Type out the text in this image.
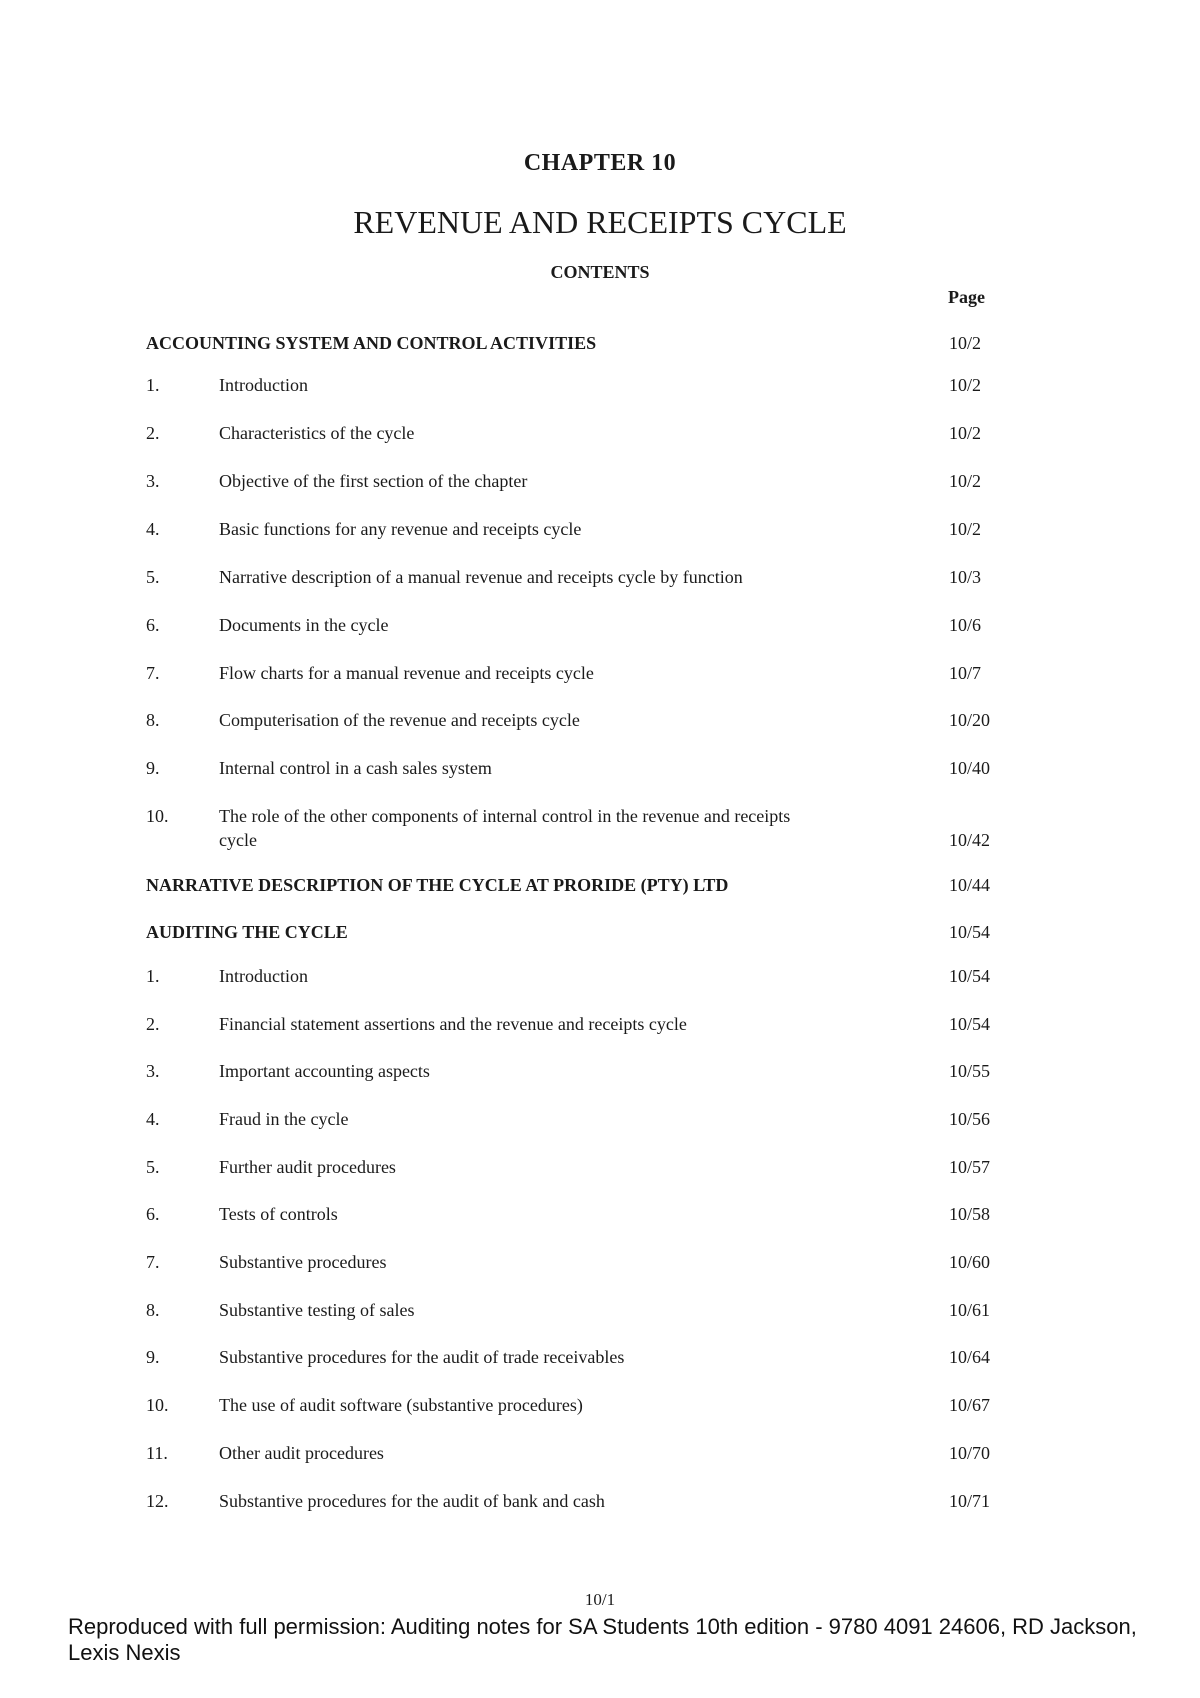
CHAPTER 10
REVENUE AND RECEIPTS CYCLE
CONTENTS
Page
ACCOUNTING SYSTEM AND CONTROL ACTIVITIES	10/2
1.	Introduction	10/2
2.	Characteristics of the cycle	10/2
3.	Objective of the first section of the chapter	10/2
4.	Basic functions for any revenue and receipts cycle	10/2
5.	Narrative description of a manual revenue and receipts cycle by function	10/3
6.	Documents in the cycle	10/6
7.	Flow charts for a manual revenue and receipts cycle	10/7
8.	Computerisation of the revenue and receipts cycle	10/20
9.	Internal control in a cash sales system	10/40
10.	The role of the other components of internal control in the revenue and receipts cycle	10/42
NARRATIVE DESCRIPTION OF THE CYCLE AT PRORIDE (PTY) LTD	10/44
AUDITING THE CYCLE	10/54
1.	Introduction	10/54
2.	Financial statement assertions and the revenue and receipts cycle	10/54
3.	Important accounting aspects	10/55
4.	Fraud in the cycle	10/56
5.	Further audit procedures	10/57
6.	Tests of controls	10/58
7.	Substantive procedures	10/60
8.	Substantive testing of sales	10/61
9.	Substantive procedures for the audit of trade receivables	10/64
10.	The use of audit software (substantive procedures)	10/67
11.	Other audit procedures	10/70
12.	Substantive procedures for the audit of bank and cash	10/71
10/1
Reproduced with full permission: Auditing notes for SA Students 10th edition - 9780 4091 24606, RD Jackson, Lexis Nexis
